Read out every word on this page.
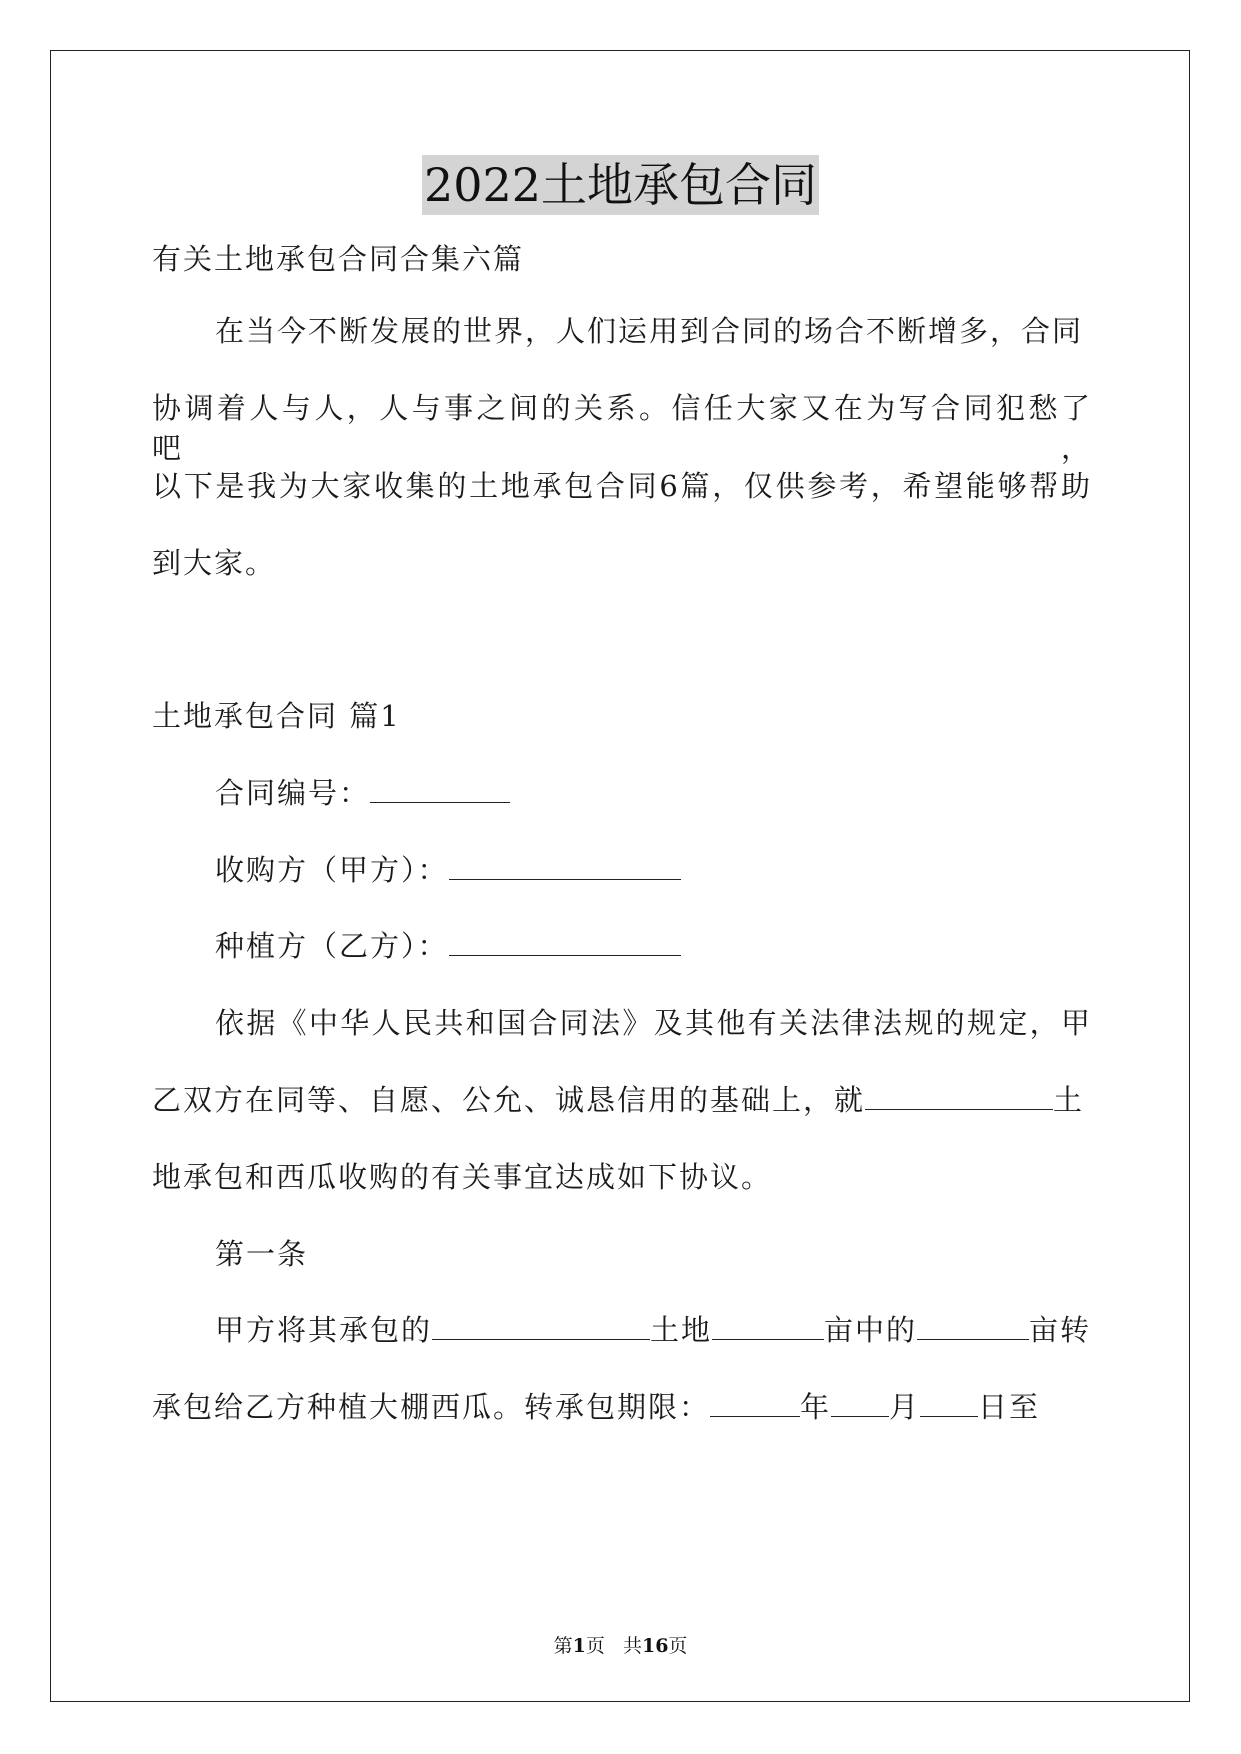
2022土地承包合同
有关土地承包合同合集六篇
在当今不断发展的世界，人们运用到合同的场合不断增多，合同
协调着人与人，人与事之间的关系。信任大家又在为写合同犯愁了吧，
以下是我为大家收集的土地承包合同6篇，仅供参考，希望能够帮助
到大家。
土地承包合同 篇1
合同编号：
收购方（甲方）：
种植方（乙方）：
依据《中华人民共和国合同法》及其他有关法律法规的规定，甲
乙双方在同等、自愿、公允、诚恳信用的基础上，就	土
地承包和西瓜收购的有关事宜达成如下协议。
第一条
甲方将其承包的	土地	亩中的	亩转
承包给乙方种植大棚西瓜。转承包期限：	年 月 日至
第1页 共16页
